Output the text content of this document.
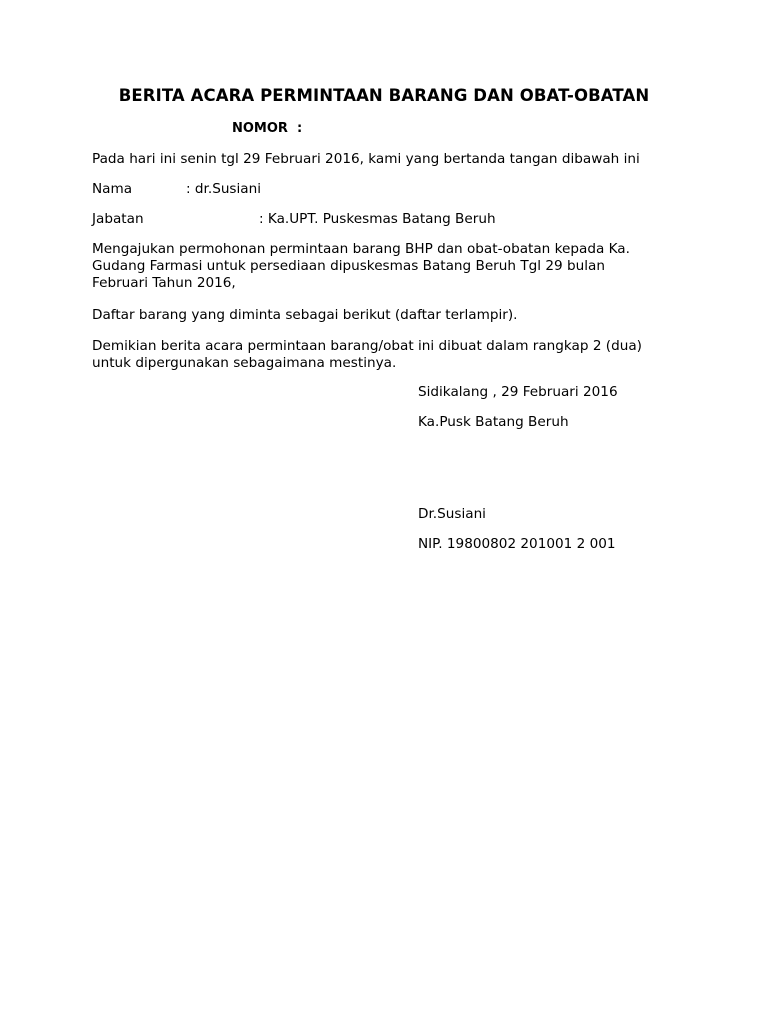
BERITA ACARA PERMINTAAN BARANG DAN OBAT-OBATAN

NOMOR  :

Pada hari ini senin tgl 29 Februari 2016, kami yang bertanda tangan dibawah ini

Nama	: dr.Susiani
Jabatan	: Ka.UPT. Puskesmas Batang Beruh
Mengajukan permohonan permintaan barang BHP dan obat-obatan kepada Ka.
Gudang Farmasi untuk persediaan dipuskesmas Batang Beruh Tgl 29 bulan
Februari Tahun 2016,

Daftar barang yang diminta sebagai berikut (daftar terlampir).

Demikian berita acara permintaan barang/obat ini dibuat dalam rangkap 2 (dua)
untuk dipergunakan sebagaimana mestinya.

Sidikalang , 29 Februari 2016

Ka.Pusk Batang Beruh

Dr.Susiani

NIP. 19800802 201001 2 001
